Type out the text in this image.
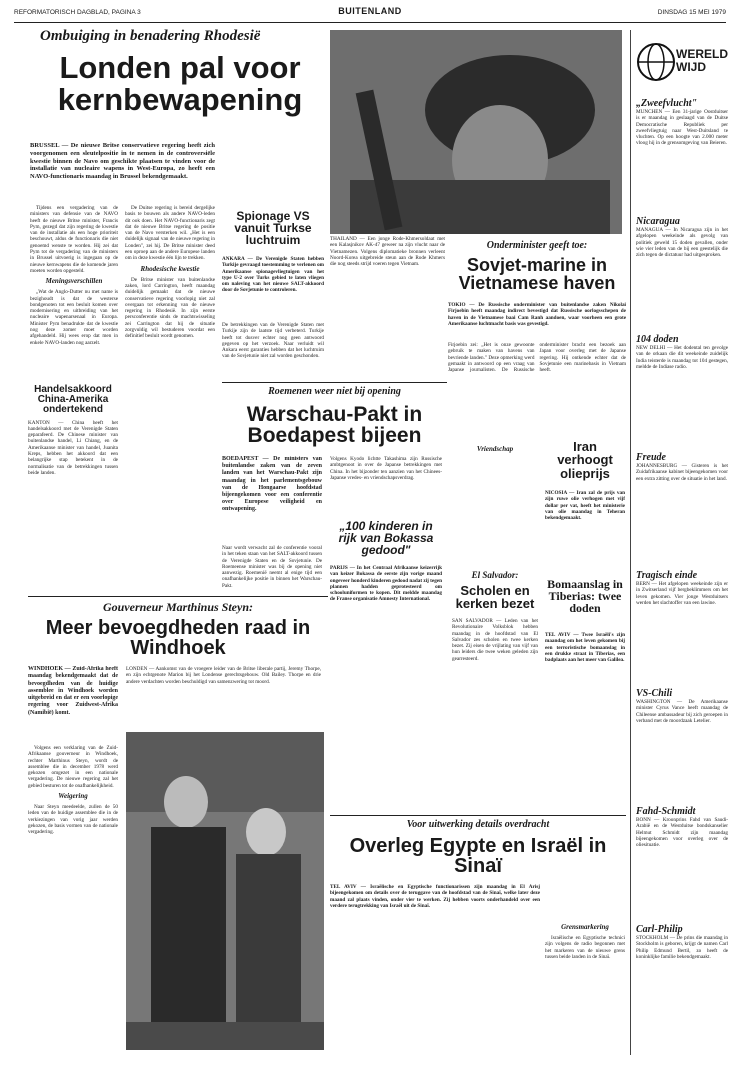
REFORMATORISCH DAGBLAD, PAGINA 3	BUITENLAND	DINSDAG 15 MEI 1979
Ombuiging in benadering Rhodesië
Londen pal voor kernbewapening
BRUSSEL — De nieuwe Britse conservatieve regering heeft zich voorgenomen een sleutelpositie in te nemen in de controversiële kwestie binnen de Navo om geschikte plaatsen te vinden voor de installatie van nucleaire wapens in West-Europa, zo heeft een NAVO-functionaris maandag in Brussel bekendgemaakt.

Tijdens een vergadering van de ministers van defensie van de NAVO heeft de nieuwe Britse minister, Francis Pym, gezegd dat zijn regering de kwestie van de installatie als een hoge prioriteit beschouwt, aldus de functionaris die niet genoemd wenste te worden. Hij zei dat Pym tot de vergadering van de ministers in Brussel uitvoerig is ingegaan op de nieuwe kernwapens die de komende jaren moeten worden opgesteld.

Meningsverschillen

„Wat de Anglo-Dutter nu met name is bezighoudt is dat de westerse bondgenoten tot een besluit komen over modernisering en uitbreiding van het nucleaire wapenarsenaal in Europa. Minister Pym benadrukte dat de kwestie nog deze zomer moet worden afgehandeld. Hij wees erop dat men in enkele NAVO-landen nog aarzelt.

De Duitse regering is bereid dergelijke basis te bouwen als andere NAVO-leden dit ook doen. Het NAVO-functionaris zegt dat de nieuwe Britse regering de positie van de Navo versterken wil. „Het is een duidelijk signaal van de nieuwe regering in Londen", zei hij. De Britse minister deed een oproep aan de andere Europese landen om in deze kwestie één lijn te trekken.

Rhodesische kwestie

De Britse minister van buitenlandse zaken, lord Carrington, heeft maandag duidelijk gemaakt dat de nieuwe conservatieve regering voorlopig niet zal overgaan tot erkenning van de nieuwe regering in Rhodesië. In zijn eerste persconferentie sinds de machtswisseling zei Carrington dat hij de situatie zorgvuldig wil bestuderen voordat een definitief besluit wordt genomen.

Handelsakkoord China-Amerika ondertekend
KANTON — China heeft het handelsakkoord met de Verenigde Staten geparafeerd. De Chinese minister van buitenlandse handel, Li Chiang, en de Amerikaanse minister van handel, Juanita Kreps, hebben het akkoord dat een belangrijke stap betekent in de normalisatie van de betrekkingen tussen beide landen.
Spionage VS vanuit Turkse luchtruim
ANKARA — De Verenigde Staten hebben Turkije gevraagd toestemming te verlenen om Amerikaanse spionagevliegtuigen van het type U-2 over Turks gebied te laten vliegen om naleving van het nieuwe SALT-akkoord door de Sovjetunie te controleren.
De betrekkingen van de Verenigde Staten met Turkije zijn de laatste tijd verbeterd. Turkije heeft tot dusver echter nog geen antwoord gegeven op het verzoek. Naar verluidt wil Ankara eerst garanties hebben dat het luchtruim van de Sovjetunie niet zal worden geschonden.
THAILAND — Een jonge Rode-Khmersoldaat met een Kalasjnikov AK-47 geweer na zijn vlucht naar de Vietnamezen. Volgens diplomatieke bronnen verleent Noord-Korea uitgebreide steun aan de Rode Khmers die nog steeds strijd voeren tegen Vietnam.
Onderminister geeft toe:
Sovjet-marine in Vietnamese haven
TOKIO — De Russische onderminister van buitenlandse zaken Nikolai Firjoebin heeft maandag indirect bevestigd dat Russische oorlogsschepen de haven in de Vietnamese baai Cam Ranh aandoen, waar voorheen een grote Amerikaanse luchtmacht basis was gevestigd.
Firjoebin zei: „Het is onze gewoonte gebruik te maken van havens van bevriende landen." Deze opmerking werd gemaakt in antwoord op een vraag van Japanse journalisten. De Russische onderminister bracht een bezoek aan Japan voor overleg met de Japanse regering. Hij ontkende echter dat de Sovjetunie een marinebasis in Vietnam heeft.
Roemenen weer niet bij opening
Warschau-Pakt in Boedapest bijeen
BOEDAPEST — De ministers van buitenlandse zaken van de zeven landen van het Warschau-Pakt zijn maandag in het parlementsgebouw van de Hongaarse hoofdstad bijeengekomen voor een conferentie over Europese veiligheid en ontwapening.
Naar wordt verwacht zal de conferentie vooral in het teken staan van het SALT-akkoord tussen de Verenigde Staten en de Sovjetunie. De Roemeense minister was bij de opening niet aanwezig. Roemenië neemt al enige tijd een onafhankelijke positie in binnen het Warschau-Pakt.
Volgens Kyodo lichtte Takashima zijn Russische ambtgenoot in over de Japanse betrekkingen met China. In het bijzonder ten aanzien van het Chinees-Japanse vredes- en vriendschapsverdrag.
„100 kinderen in rijk van Bokassa gedood"
PARIJS — In het Centraal Afrikaanse keizerrijk van keizer Bokassa de eerste zijn vorige maand ongeveer honderd kinderen gedood nadat zij tegen plannen hadden geprotesteerd om schooluniformen te kopen. Dit meldde maandag de Franse organisatie Amnesty International.
Vriendschap	Iran verhoogt olieprijs
NICOSIA — Iran zal de prijs van zijn ruwe olie verhogen met vijf dollar per vat, heeft het ministerie van olie maandag in Teheran bekendgemaakt.
El Salvador:
Scholen en kerken bezet
SAN SALVADOR — Leden van het Revolutionaire Volksblok hebben maandag in de hoofdstad van El Salvador zes scholen en twee kerken bezet. Zij eisen de vrijlating van vijf van hun leiders die twee weken geleden zijn gearresteerd.
Bomaanslag in Tiberias: twee doden
TEL AVIV — Twee Israëli's zijn maandag om het leven gekomen bij een terroristische bomaanslag in een drukke straat in Tiberias, een badplaats aan het meer van Galilea.
Gouverneur Marthinus Steyn:
Meer bevoegdheden raad in Windhoek
WINDHOEK — Zuid-Afrika heeft maandag bekendgemaakt dat de bevoegdheden van de huidige assemblee in Windhoek worden uitgebreid en dat er een voorlopige regering voor Zuidwest-Afrika (Namibië) komt.

Volgens een verklaring van de Zuid-Afrikaanse gouverneur in Windhoek, rechter Marthinus Steyn, wordt de assemblee die in december 1978 werd gekozen omgezet in een nationale vergadering. De nieuwe regering zal het gebied besturen tot de onafhankelijkheid.

Weigering

Naar Steyn meedeelde, zullen de 50 leden van de huidige assemblee die in de verkiezingen van vorig jaar werden gekozen, de basis vormen van de nationale vergadering.

LONDEN — Aankomst van de vroegere leider van de Britse liberale partij, Jeremy Thorpe, en zijn echtgenote Marion bij het Londense gerechtsgebouw. Old Bailey. Thorpe en drie andere verdachten worden beschuldigd van samenzwering tot moord.
Voor uitwerking details overdracht
Overleg Egypte en Israël in Sinaï
TEL AVIV — Israëlische en Egyptische functionarissen zijn maandag in El Arisj bijeengekomen om details over de teruggave van de hoofdstad van de Sinaï, welke later deze maand zal plaats vinden, onder vier te werken. Zij hebben voorts onderhandeld over een verdere terugtrekking van Israël uit de Sinaï.
Grensmarkering

Israëlische en Egyptische technici zijn volgens de radio begonnen met het markeren van de nieuwe grens tussen beide landen in de Sinaï.

WERELD WIJD
„Zweefvlucht"
MÜNCHEN — Een 31-jarige Oostduitser is er maandag in geslaagd van de Duitse Democratische Republiek per zweefvliegtuig naar West-Duitsland te vluchten. Op een hoogte van 2.000 meter vloog hij in de grensomgeving van Beieren.
Nicaragua
MANAGUA — In Nicaragua zijn in het afgelopen weekeinde als gevolg van politiek geweld 15 doden gevallen, onder wie vier leden van de bij een geestelijk die zich tegen de dictatuur had uitgesproken.
104 doden
NEW DELHI — Het dodental ten gevolge van de orkaan die dit weekeinde zuidelijk India teisterde is maandag tot 104 gestegen, meldde de Indiase radio.
Freude
JOHANNESBURG — Gisteren is het Zuidafrikaanse kabinet bijeengekomen voor een extra zitting over de situatie in het land.
Tragisch einde
BERN — Het afgelopen weekeinde zijn er in Zwitserland vijf bergbeklimmers om het leven gekomen. Vier jonge Westduitsers werden het slachtoffer van een lawine.
VS-Chili
WASHINGTON — De Amerikaanse minister Cyrus Vance heeft maandag de Chileense ambassadeur bij zich geroepen in verband met de moordzaak Letelier.
Fahd-Schmidt
BONN — Kroonprins Fahd van Saudi-Arabië en de Westduitse bondskanselier Helmut Schmidt zijn maandag bijeengekomen voor overleg over de oliesituatie.
Carl-Philip
STOCKHOLM — De prins die maandag in Stockholm is geboren, krijgt de namen Carl Philip Edmund Bertil, zo heeft de koninklijke familie bekendgemaakt.
